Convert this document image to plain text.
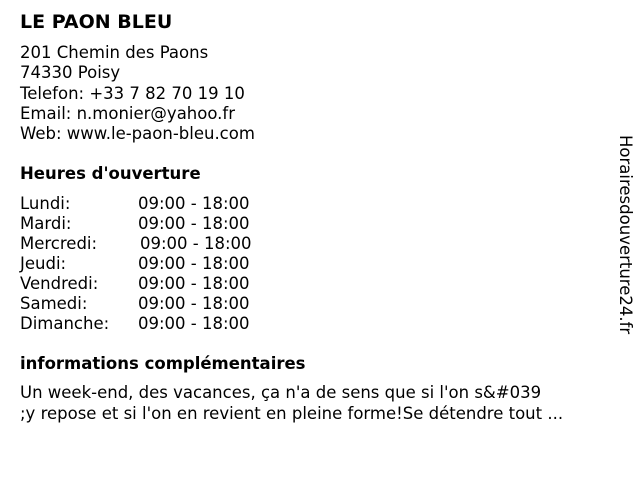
LE PAON BLEU
201 Chemin des Paons
74330 Poisy
Telefon: +33 7 82 70 19 10
Email: n.monier@yahoo.fr
Web: www.le-paon-bleu.com
Heures d'ouverture
Lundi:	09:00 - 18:00
Mardi:	09:00 - 18:00
Mercredi:	09:00 - 18:00
Jeudi:	09:00 - 18:00
Vendredi: 09:00 - 18:00
Samedi:	09:00 - 18:00
Dimanche: 09:00 - 18:00
informations complémentaires
Un week-end, des vacances, ça n'a de sens que si l'on s&#039
;y repose et si l'on en revient en pleine forme!Se détendre tout ...
Horairesdouverture24.fr
